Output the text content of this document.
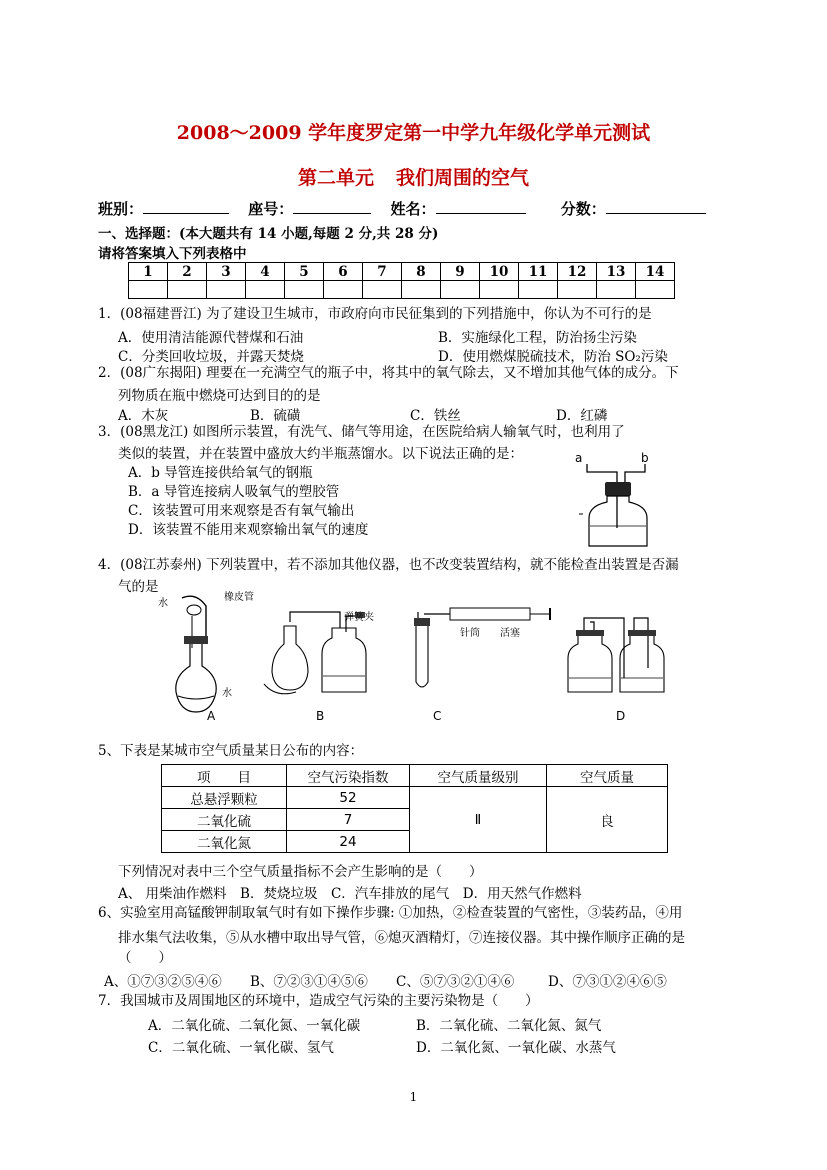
2008～2009 学年度罗定第一中学九年级化学单元测试
第二单元 我们周围的空气
班别：	座号：	姓名：	分数：
一、选择题：(本大题共有 14 小题,每题 2 分,共 28 分)
请将答案填入下列表格中
1	2	3	4	5	6	7	8	9	10	11	12	13	14

1．(08福建晋江) 为了建设卫生城市，市政府向市民征集到的下列措施中，你认为不可行的是
A．使用清洁能源代替煤和石油	B．实施绿化工程，防治扬尘污染
C．分类回收垃圾，并露天焚烧	D．使用燃煤脱硫技术，防治 SO₂污染
2．(08广东揭阳) 理要在一充满空气的瓶子中，将其中的氧气除去，又不增加其他气体的成分。下
列物质在瓶中燃烧可达到目的的是
A．木灰	B．硫磺	C．铁丝	D．红磷
3．(08黑龙江) 如图所示装置，有洗气、储气等用途，在医院给病人输氧气时，也利用了
类似的装置，并在装置中盛放大约半瓶蒸馏水。以下说法正确的是：
A．b 导管连接供给氧气的钢瓶
B．a 导管连接病人吸氧气的塑胶管
C．该装置可用来观察是否有氧气输出
D．该装置不能用来观察输出氧气的速度
a	b
4．(08江苏泰州) 下列装置中，若不添加其他仪器，也不改变装置结构，就不能检查出装置是否漏
气的是
水
橡皮管
水
A
弹簧夹
B
针筒 活塞
C	D
5、下表是某城市空气质量某日公布的内容：
项　　目	空气污染指数	空气质量级别	空气质量
总悬浮颗粒	52	Ⅱ	良
二氧化硫	7		
二氧化氮	24		
下列情况对表中三个空气质量指标不会产生影响的是（　　）
A、 用柴油作燃料　B．焚烧垃圾　C．汽车排放的尾气　D．用天然气作燃料
6、实验室用高锰酸钾制取氧气时有如下操作步骤: ①加热，②检查装置的气密性，③装药品，④用
排水集气法收集，⑤从水槽中取出导气管，⑥熄灭酒精灯，⑦连接仪器。其中操作顺序正确的是
（　　）
A、①⑦③②⑤④⑥ B、⑦②③①④⑤⑥ C、⑤⑦③②①④⑥ D、⑦③①②④⑥⑤
7．我国城市及周围地区的环境中，造成空气污染的主要污染物是（　　）
A．二氧化硫、二氧化氮、一氧化碳	B．二氧化硫、二氧化氮、氮气
C．二氧化硫、一氧化碳、氢气	D．二氧化氮、一氧化碳、水蒸气
1
